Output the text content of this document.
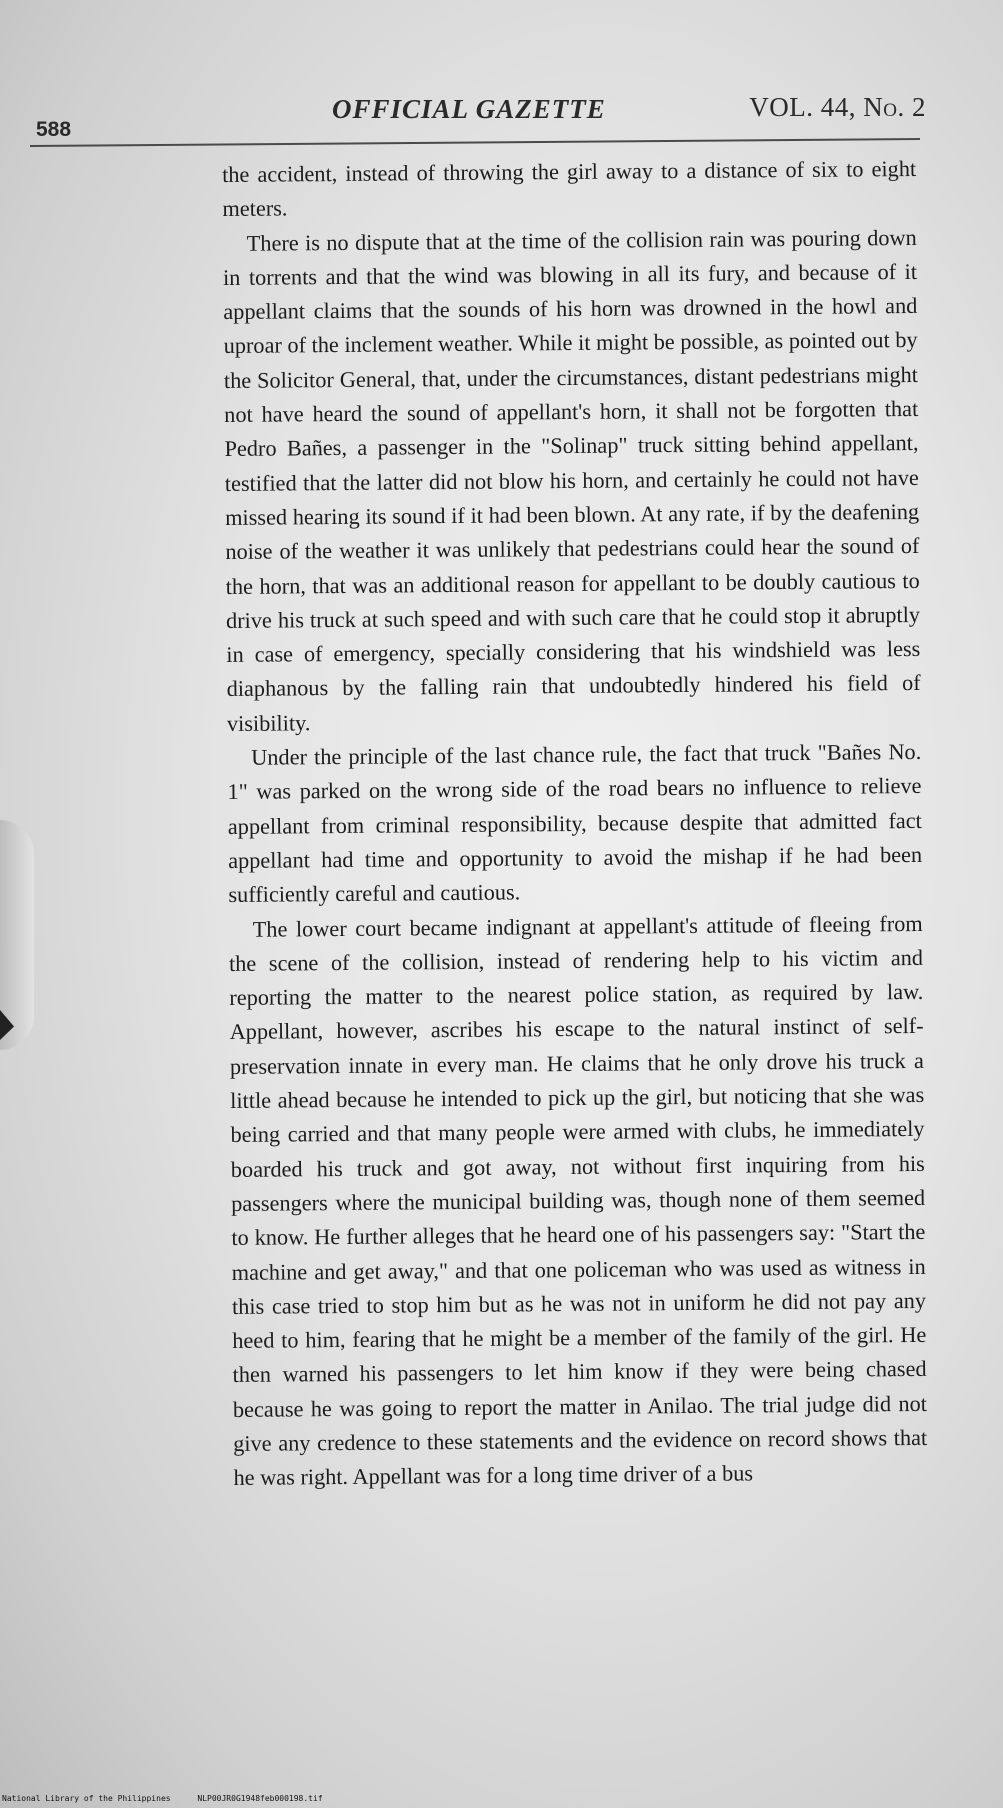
588
OFFICIAL GAZETTE	VOL. 44, No. 2

the accident, instead of throwing the girl away to a distance of six to eight meters.

There is no dispute that at the time of the collision rain was pouring down in torrents and that the wind was blowing in all its fury, and because of it appellant claims that the sounds of his horn was drowned in the howl and uproar of the inclement weather. While it might be possible, as pointed out by the Solicitor General, that, under the circumstances, distant pedestrians might not have heard the sound of appellant's horn, it shall not be forgotten that Pedro Bañes, a passenger in the "Solinap" truck sitting behind appellant, testified that the latter did not blow his horn, and certainly he could not have missed hearing its sound if it had been blown. At any rate, if by the deafening noise of the weather it was unlikely that pedestrians could hear the sound of the horn, that was an additional reason for appellant to be doubly cautious to drive his truck at such speed and with such care that he could stop it abruptly in case of emergency, specially considering that his windshield was less diaphanous by the falling rain that undoubtedly hindered his field of visibility.

Under the principle of the last chance rule, the fact that truck "Bañes No. 1" was parked on the wrong side of the road bears no influence to relieve appellant from criminal responsibility, because despite that admitted fact appellant had time and opportunity to avoid the mishap if he had been sufficiently careful and cautious.

The lower court became indignant at appellant's attitude of fleeing from the scene of the collision, instead of rendering help to his victim and reporting the matter to the nearest police station, as required by law. Appellant, however, ascribes his escape to the natural instinct of self-preservation innate in every man. He claims that he only drove his truck a little ahead because he intended to pick up the girl, but noticing that she was being carried and that many people were armed with clubs, he immediately boarded his truck and got away, not without first inquiring from his passengers where the municipal building was, though none of them seemed to know. He further alleges that he heard one of his passengers say: "Start the machine and get away," and that one policeman who was used as witness in this case tried to stop him but as he was not in uniform he did not pay any heed to him, fearing that he might be a member of the family of the girl. He then warned his passengers to let him know if they were being chased because he was going to report the matter in Anilao. The trial judge did not give any credence to these statements and the evidence on record shows that he was right. Appellant was for a long time driver of a bus

National Library of the Philippines	NLP00JR0G1948feb000198.tif
